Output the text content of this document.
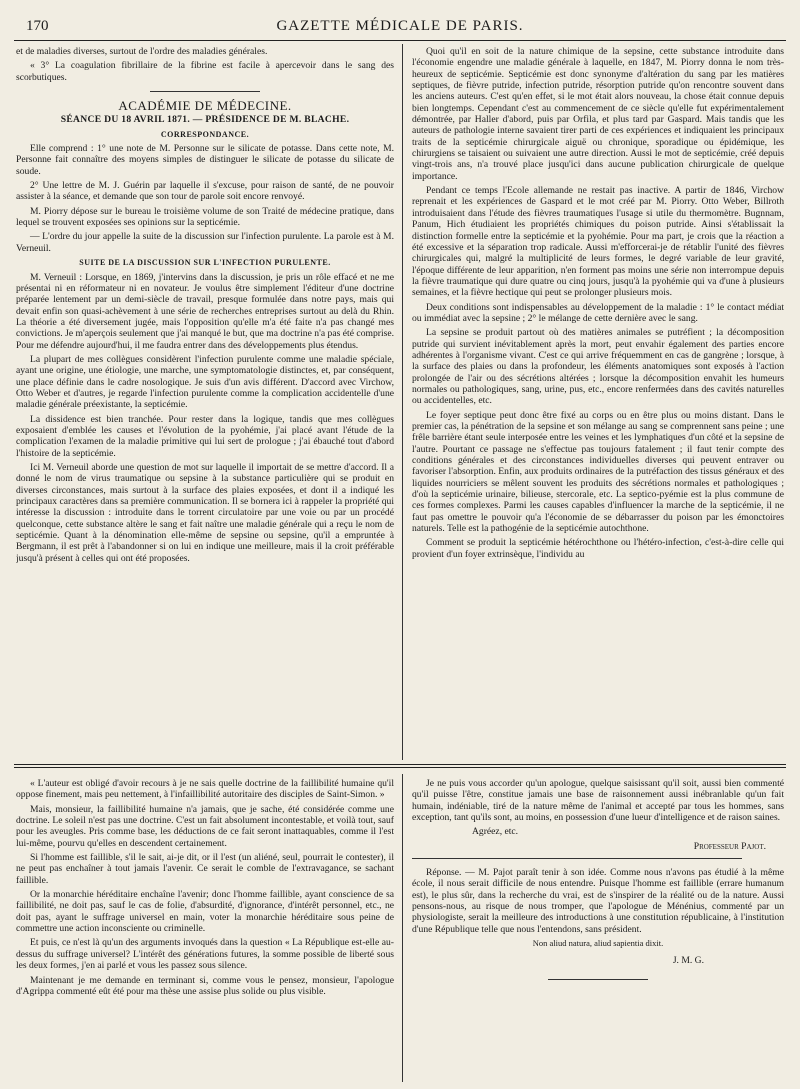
170	GAZETTE MÉDICALE DE PARIS.

et de maladies diverses, surtout de l'ordre des maladies générales.

« 3° La coagulation fibrillaire de la fibrine est facile à apercevoir dans le sang des scorbutiques.

ACADÉMIE DE MÉDECINE.

SÉANCE DU 18 AVRIL 1871. — PRÉSIDENCE DE M. BLACHE.

CORRESPONDANCE.

Elle comprend : 1° une note de M. Personne sur le silicate de potasse. Dans cette note, M. Personne fait connaître des moyens simples de distinguer le silicate de potasse du silicate de soude.

2° Une lettre de M. J. Guérin par laquelle il s'excuse, pour raison de santé, de ne pouvoir assister à la séance, et demande que son tour de parole soit encore renvoyé.

M. Piorry dépose sur le bureau le troisième volume de son Traité de médecine pratique, dans lequel se trouvent exposées ses opinions sur la septicémie.

— L'ordre du jour appelle la suite de la discussion sur l'infection purulente. La parole est à M. Verneuil.

SUITE DE LA DISCUSSION SUR L'INFECTION PURULENTE.

M. Verneuil : Lorsque, en 1869, j'intervins dans la discussion, je pris un rôle effacé et ne me présentai ni en réformateur ni en novateur. Je voulus être simplement l'éditeur d'une doctrine préparée lentement par un demi-siècle de travail, presque formulée dans notre pays, mais qui devait enfin son quasi-achèvement à une série de recherches entreprises surtout au delà du Rhin. La théorie a été diversement jugée, mais l'opposition qu'elle m'a été faite n'a pas changé mes convictions. Je m'aperçois seulement que j'ai manqué le but, que ma doctrine n'a pas été comprise. Pour me défendre aujourd'hui, il me faudra entrer dans des développements plus étendus.

La plupart de mes collègues considèrent l'infection purulente comme une maladie spéciale, ayant une origine, une étiologie, une marche, une symptomatologie distinctes, et, par conséquent, une place définie dans le cadre nosologique. Je suis d'un avis différent. D'accord avec Virchow, Otto Weber et d'autres, je regarde l'infection purulente comme la complication accidentelle d'une maladie générale préexistante, la septicémie.

La dissidence est bien tranchée. Pour rester dans la logique, tandis que mes collègues exposaient d'emblée les causes et l'évolution de la pyohémie, j'ai placé avant l'étude de la complication l'examen de la maladie primitive qui lui sert de prologue ; j'ai ébauché tout d'abord l'histoire de la septicémie.

Ici M. Verneuil aborde une question de mot sur laquelle il importait de se mettre d'accord. Il a donné le nom de virus traumatique ou sepsine à la substance particulière qui se produit en diverses circonstances, mais surtout à la surface des plaies exposées, et dont il a indiqué les principaux caractères dans sa première communication. Il se bornera ici à rappeler la propriété qui intéresse la discussion : introduite dans le torrent circulatoire par une voie ou par un procédé quelconque, cette substance altère le sang et fait naître une maladie générale qui a reçu le nom de septicémie. Quant à la dénomination elle-même de sepsine ou sepsine, qu'il a empruntée à Bergmann, il est prêt à l'abandonner si on lui en indique une meilleure, mais il la croit préférable jusqu'à présent à celles qui ont été proposées.

Quoi qu'il en soit de la nature chimique de la sepsine, cette substance introduite dans l'économie engendre une maladie générale à laquelle, en 1847, M. Piorry donna le nom très-heureux de septicémie. Septicémie est donc synonyme d'altération du sang par les matières septiques, de fièvre putride, infection putride, résorption putride qu'on rencontre souvent dans les anciens auteurs. C'est qu'en effet, si le mot était alors nouveau, la chose était connue depuis bien longtemps. Cependant c'est au commencement de ce siècle qu'elle fut expérimentalement démontrée, par Haller d'abord, puis par Orfila, et plus tard par Gaspard. Mais tandis que les auteurs de pathologie interne savaient tirer parti de ces expériences et indiquaient les principaux traits de la septicémie chirurgicale aiguë ou chronique, sporadique ou épidémique, les chirurgiens se taisaient ou suivaient une autre direction. Aussi le mot de septicémie, créé depuis vingt-trois ans, n'a trouvé place jusqu'ici dans aucune publication chirurgicale de quelque importance.

Pendant ce temps l'Ecole allemande ne restait pas inactive. A partir de 1846, Virchow reprenait et les expériences de Gaspard et le mot créé par M. Piorry. Otto Weber, Billroth introduisaient dans l'étude des fièvres traumatiques l'usage si utile du thermomètre. Bugnnam, Panum, Hich étudiaient les propriétés chimiques du poison putride. Ainsi s'établissait la distinction formelle entre la septicémie et la pyohémie. Pour ma part, je crois que la réaction a été excessive et la séparation trop radicale. Aussi m'efforcerai-je de rétablir l'unité des fièvres chirurgicales qui, malgré la multiplicité de leurs formes, le degré variable de leur gravité, l'époque différente de leur apparition, n'en forment pas moins une série non interrompue depuis la fièvre traumatique qui dure quatre ou cinq jours, jusqu'à la pyohémie qui va d'une à plusieurs semaines, et la fièvre hectique qui peut se prolonger plusieurs mois.

Deux conditions sont indispensables au développement de la maladie : 1° le contact médiat ou immédiat avec la sepsine ; 2° le mélange de cette dernière avec le sang.

La sepsine se produit partout où des matières animales se putréfient ; la décomposition putride qui survient inévitablement après la mort, peut envahir également des parties encore adhérentes à l'organisme vivant. C'est ce qui arrive fréquemment en cas de gangrène ; lorsque, à la surface des plaies ou dans la profondeur, les éléments anatomiques sont exposés à l'action prolongée de l'air ou des sécrétions altérées ; lorsque la décomposition envahit les humeurs normales ou pathologiques, sang, urine, pus, etc., encore renfermées dans des cavités naturelles ou accidentelles, etc.

Le foyer septique peut donc être fixé au corps ou en être plus ou moins distant. Dans le premier cas, la pénétration de la sepsine et son mélange au sang se comprennent sans peine ; une frêle barrière étant seule interposée entre les veines et les lymphatiques d'un côté et la sepsine de l'autre. Pourtant ce passage ne s'effectue pas toujours fatalement ; il faut tenir compte des conditions générales et des circonstances individuelles diverses qui peuvent entraver ou favoriser l'absorption. Enfin, aux produits ordinaires de la putréfaction des tissus généraux et des liquides nourriciers se mêlent souvent les produits des sécrétions normales et pathologiques ; d'où la septicémie urinaire, bilieuse, stercorale, etc. La septico-pyémie est la plus commune de ces formes complexes. Parmi les causes capables d'influencer la marche de la septicémie, il ne faut pas omettre le pouvoir qu'a l'économie de se débarrasser du poison par les émonctoires naturels. Telle est la pathogénie de la septicémie autochthone.

Comment se produit la septicémie hétérochthone ou l'hétéro-infection, c'est-à-dire celle qui provient d'un foyer extrinsèque, l'individu au

« L'auteur est obligé d'avoir recours à je ne sais quelle doctrine de la faillibilité humaine qu'il oppose finement, mais peu nettement, à l'infaillibilité autoritaire des disciples de Saint-Simon. »

Mais, monsieur, la faillibilité humaine n'a jamais, que je sache, été considérée comme une doctrine. Le soleil n'est pas une doctrine. C'est un fait absolument incontestable, et voilà tout, sauf pour les aveugles. Pris comme base, les déductions de ce fait seront inattaquables, comme il l'est lui-même, pourvu qu'elles en descendent certainement.

Si l'homme est faillible, s'il le sait, ai-je dit, or il l'est (un aliéné, seul, pourrait le contester), il ne peut pas enchaîner à tout jamais l'avenir. Ce serait le comble de l'extravagance, se sachant faillible.

Or la monarchie héréditaire enchaîne l'avenir; donc l'homme faillible, ayant conscience de sa faillibilité, ne doit pas, sauf le cas de folie, d'absurdité, d'ignorance, d'intérêt personnel, etc., ne doit pas, ayant le suffrage universel en main, voter la monarchie héréditaire sous peine de commettre une action inconsciente ou criminelle.

Et puis, ce n'est là qu'un des arguments invoqués dans la question « La République est-elle au-dessus du suffrage universel? L'intérêt des générations futures, la somme possible de liberté sous les deux formes, j'en ai parlé et vous les passez sous silence.

Maintenant je me demande en terminant si, comme vous le pensez, monsieur, l'apologue d'Agrippa commenté eût été pour ma thèse une assise plus solide ou plus visible.

Je ne puis vous accorder qu'un apologue, quelque saisissant qu'il soit, aussi bien commenté qu'il puisse l'être, constitue jamais une base de raisonnement aussi inébranlable qu'un fait humain, indéniable, tiré de la nature même de l'animal et accepté par tous les hommes, sans exception, tant qu'ils sont, au moins, en possession d'une lueur d'intelligence et de raison saines.

Agréez, etc.

Professeur Pajot.

Réponse. — M. Pajot paraît tenir à son idée. Comme nous n'avons pas étudié à la même école, il nous serait difficile de nous entendre. Puisque l'homme est faillible (errare humanum est), le plus sûr, dans la recherche du vrai, est de s'inspirer de la réalité ou de la nature. Aussi pensons-nous, au risque de nous tromper, que l'apologue de Ménénius, commenté par un physiologiste, serait la meilleure des introductions à une constitution républicaine, à l'institution d'une République telle que nous l'entendons, sans président.

Non aliud natura, aliud sapientia dixit.

J. M. G.
